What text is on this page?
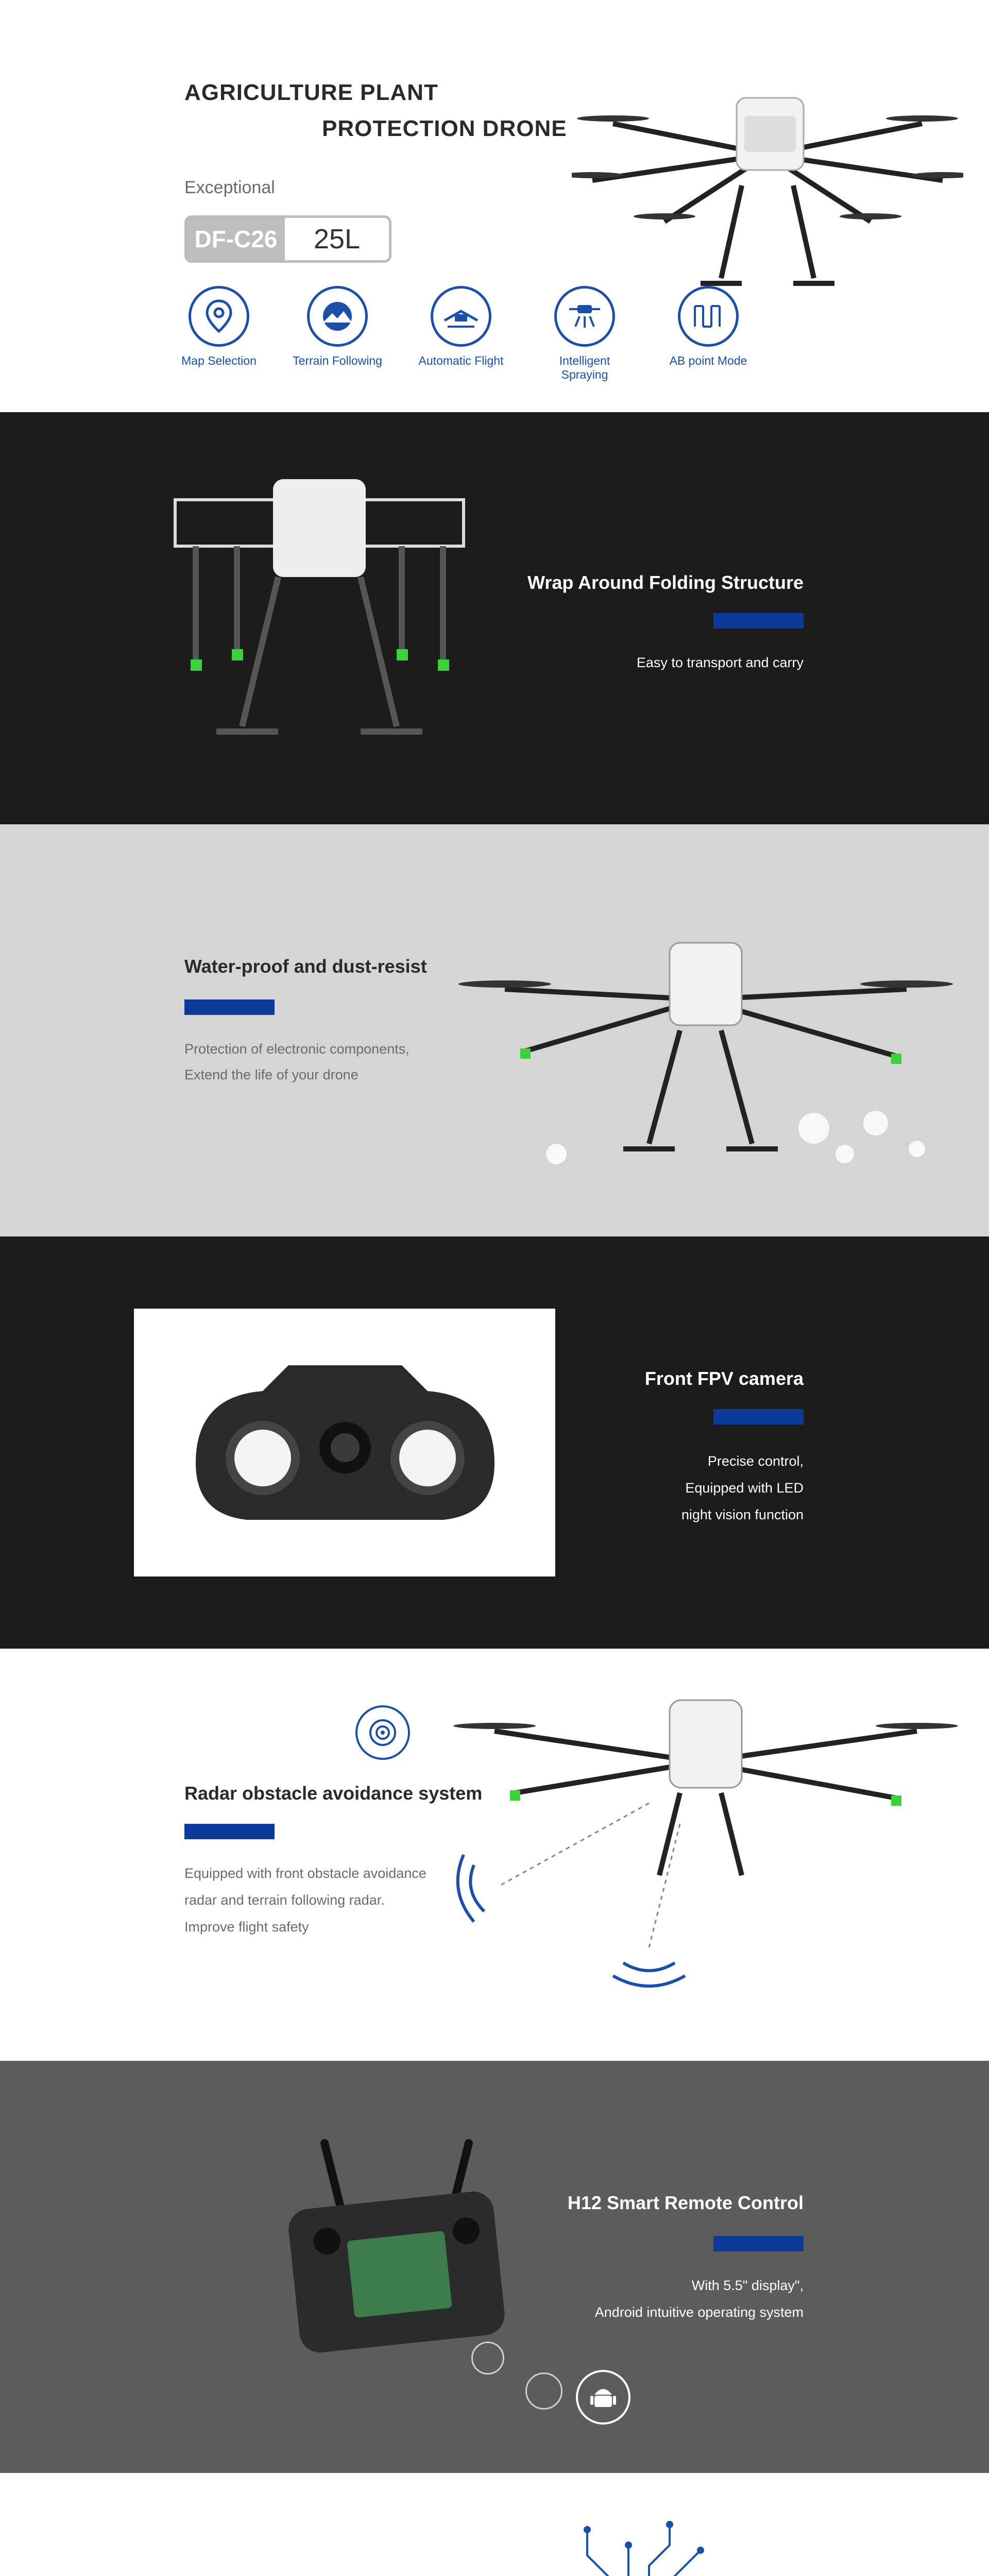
AGRICULTURE PLANT
PROTECTION DRONE
Exceptional
DF-C26	25L
Map Selection	Terrain Following	Automatic Flight	Intelligent Spraying
AB point Mode
Wrap Around Folding Structure
Easy to transport and carry
Water-proof and dust-resist
Protection of electronic components,
Extend the life of your drone
Front FPV camera
Precise control,
Equipped with LED
night vision function
Radar obstacle avoidance system
Equipped with front obstacle avoidance
radar and terrain following radar.
Improve flight safety
H12 Smart Remote Control
With 5.5" display",
Android intuitive operating system
